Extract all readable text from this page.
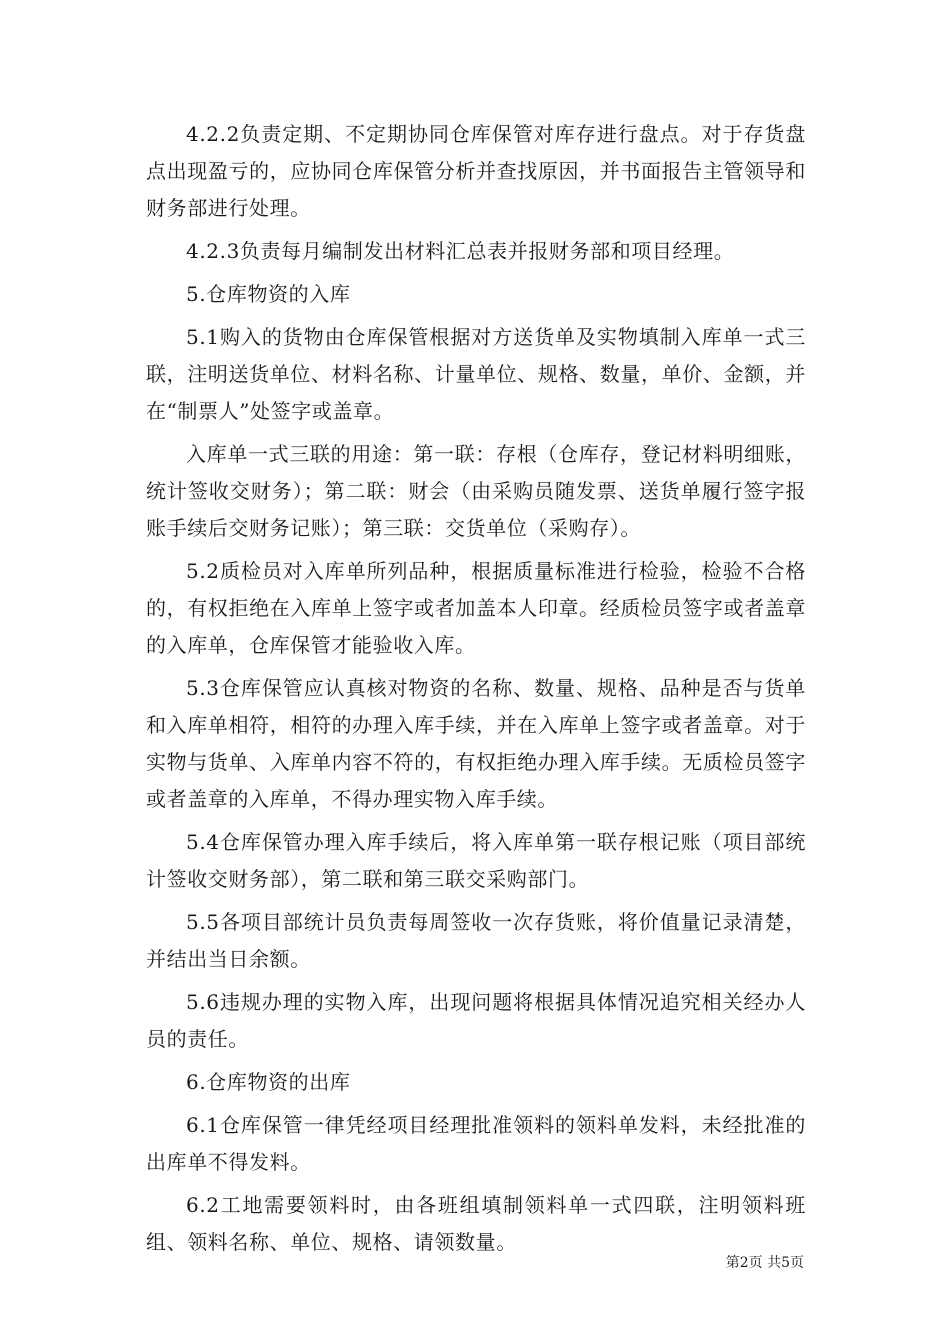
4.2.2负责定期、不定期协同仓库保管对库存进行盘点。对于存货盘点出现盈亏的，应协同仓库保管分析并查找原因，并书面报告主管领导和财务部进行处理。

4.2.3负责每月编制发出材料汇总表并报财务部和项目经理。

5.仓库物资的入库

5.1购入的货物由仓库保管根据对方送货单及实物填制入库单一式三联，注明送货单位、材料名称、计量单位、规格、数量，单价、金额，并在“制票人”处签字或盖章。

入库单一式三联的用途：第一联：存根（仓库存，登记材料明细账，统计签收交财务）；第二联：财会（由采购员随发票、送货单履行签字报账手续后交财务记账）；第三联：交货单位（采购存）。

5.2质检员对入库单所列品种，根据质量标准进行检验，检验不合格的，有权拒绝在入库单上签字或者加盖本人印章。经质检员签字或者盖章的入库单，仓库保管才能验收入库。

5.3仓库保管应认真核对物资的名称、数量、规格、品种是否与货单和入库单相符，相符的办理入库手续，并在入库单上签字或者盖章。对于实物与货单、入库单内容不符的，有权拒绝办理入库手续。无质检员签字或者盖章的入库单，不得办理实物入库手续。

5.4仓库保管办理入库手续后，将入库单第一联存根记账（项目部统计签收交财务部），第二联和第三联交采购部门。

5.5各项目部统计员负责每周签收一次存货账，将价值量记录清楚，并结出当日余额。

5.6违规办理的实物入库，出现问题将根据具体情况追究相关经办人员的责任。

6.仓库物资的出库

6.1仓库保管一律凭经项目经理批准领料的领料单发料，未经批准的出库单不得发料。

6.2工地需要领料时，由各班组填制领料单一式四联，注明领料班组、领料名称、单位、规格、请领数量。

第2页 共5页
